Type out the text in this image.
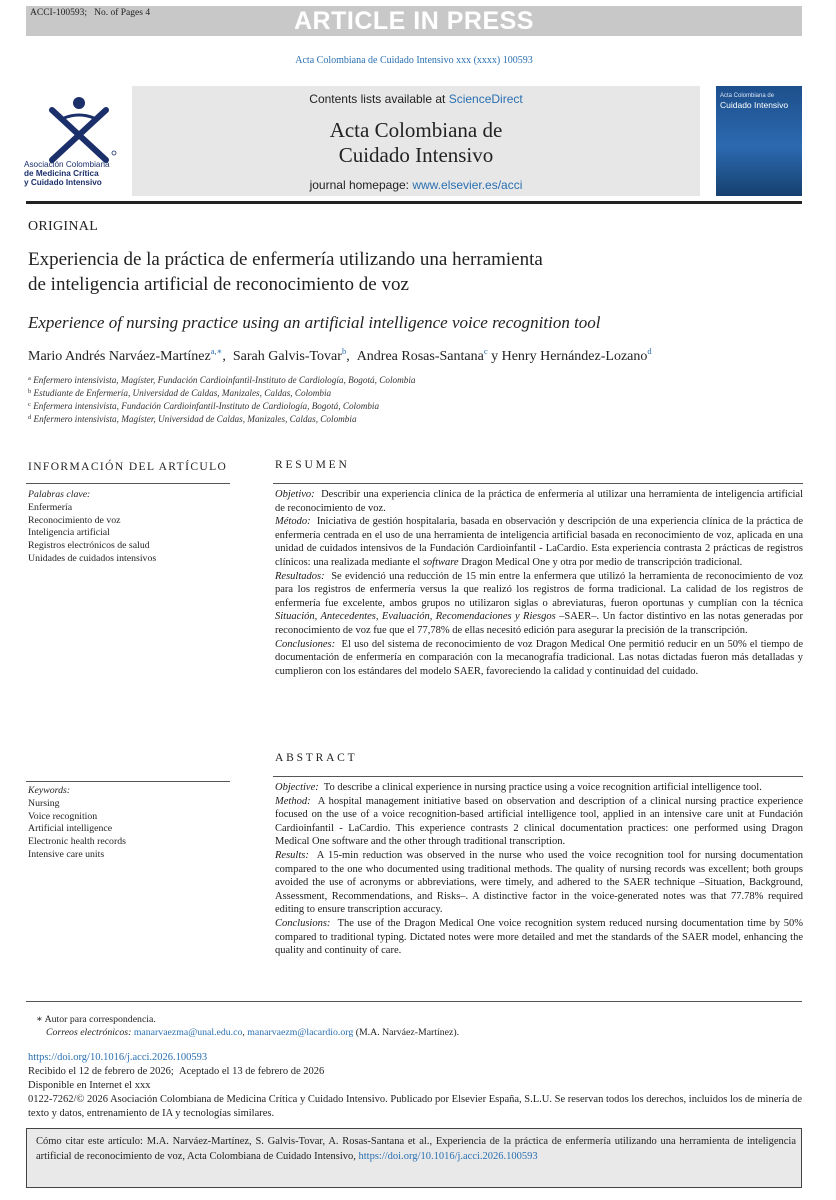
ACCI-100593;   No. of Pages 4	ARTICLE IN PRESS
Acta Colombiana de Cuidado Intensivo xxx (xxxx) 100593
Asociación Colombiana
de Medicina Crítica
y Cuidado Intensivo
Contents lists available at ScienceDirect
Acta Colombiana de
Cuidado Intensivo
journal homepage: www.elsevier.es/acci
Acta Colombiana de
Cuidado Intensivo
ORIGINAL
Experiencia de la práctica de enfermería utilizando una herramienta
de inteligencia artificial de reconocimiento de voz
Experience of nursing practice using an artificial intelligence voice recognition tool
Mario Andrés Narváez-Martínez$^{a,∗}$,  Sarah Galvis-Tovar$^b$,  Andrea Rosas-Santana$^c$ y Henry Hernández-Lozano$^d$
$^a$ Enfermero intensivista, Magíster, Fundación Cardioinfantil-Instituto de Cardiología, Bogotá, Colombia
$^b$ Estudiante de Enfermería, Universidad de Caldas, Manizales, Caldas, Colombia
$^c$ Enfermera intensivista, Fundación Cardioinfantil-Instituto de Cardiología, Bogotá, Colombia
$^d$ Enfermero intensivista, Magíster, Universidad de Caldas, Manizales, Caldas, Colombia
INFORMACIÓN DEL ARTÍCULO
Palabras clave:
Enfermería
Reconocimiento de voz
Inteligencia artificial
Registros electrónicos de salud
Unidades de cuidados intensivos
Keywords:
Nursing
Voice recognition
Artificial intelligence
Electronic health records
Intensive care units
RESUMEN

Objetivo: Describir una experiencia clínica de la práctica de enfermería al utilizar una herramienta de inteligencia artificial de reconocimiento de voz.

Método: Iniciativa de gestión hospitalaria, basada en observación y descripción de una experiencia clínica de la práctica de enfermería centrada en el uso de una herramienta de inteligencia artificial basada en reconocimiento de voz, aplicada en una unidad de cuidados intensivos de la Fundación Cardioinfantil - LaCardio. Esta experiencia contrasta 2 prácticas de registros clínicos: una realizada mediante el software Dragon Medical One y otra por medio de transcripción tradicional.

Resultados: Se evidenció una reducción de 15 min entre la enfermera que utilizó la herramienta de reconocimiento de voz para los registros de enfermería versus la que realizó los registros de forma tradicional. La calidad de los registros de enfermería fue excelente, ambos grupos no utilizaron siglas o abreviaturas, fueron oportunas y cumplían con la técnica Situación, Antecedentes, Evaluación, Recomendaciones y Riesgos –SAER–. Un factor distintivo en las notas generadas por reconocimiento de voz fue que el 77,78% de ellas necesitó edición para asegurar la precisión de la transcripción.

Conclusiones: El uso del sistema de reconocimiento de voz Dragon Medical One permitió reducir en un 50% el tiempo de documentación de enfermería en comparación con la mecanografía tradicional. Las notas dictadas fueron más detalladas y cumplieron con los estándares del modelo SAER, favoreciendo la calidad y continuidad del cuidado.

ABSTRACT

Objective: To describe a clinical experience in nursing practice using a voice recognition artificial intelligence tool.

Method: A hospital management initiative based on observation and description of a clinical nursing practice experience focused on the use of a voice recognition-based artificial intelligence tool, applied in an intensive care unit at Fundación Cardioinfantil - LaCardio. This experience contrasts 2 clinical documentation practices: one performed using Dragon Medical One software and the other through traditional transcription.

Results: A 15-min reduction was observed in the nurse who used the voice recognition tool for nursing documentation compared to the one who documented using traditional methods. The quality of nursing records was excellent; both groups avoided the use of acronyms or abbreviations, were timely, and adhered to the SAER technique –Situation, Background, Assessment, Recommendations, and Risks–. A distinctive factor in the voice-generated notes was that 77.78% required editing to ensure transcription accuracy.

Conclusions: The use of the Dragon Medical One voice recognition system reduced nursing documentation time by 50% compared to traditional typing. Dictated notes were more detailed and met the standards of the SAER model, enhancing the quality and continuity of care.

∗ Autor para correspondencia.
Correos electrónicos: manarvaezma@unal.edu.co, manarvaezm@lacardio.org (M.A. Narváez-Martínez).
https://doi.org/10.1016/j.acci.2026.100593
Recibido el 12 de febrero de 2026;  Aceptado el 13 de febrero de 2026
Disponible en Internet el xxx
0122-7262/© 2026 Asociación Colombiana de Medicina Crítica y Cuidado Intensivo. Publicado por Elsevier España, S.L.U. Se reservan todos los derechos, incluidos los de minería de texto y datos, entrenamiento de IA y tecnologías similares.
Cómo citar este artículo: M.A. Narváez-Martínez, S. Galvis-Tovar, A. Rosas-Santana et al., Experiencia de la práctica de enfermería utilizando una herramienta de inteligencia artificial de reconocimiento de voz, Acta Colombiana de Cuidado Intensivo, https://doi.org/10.1016/j.acci.2026.100593
